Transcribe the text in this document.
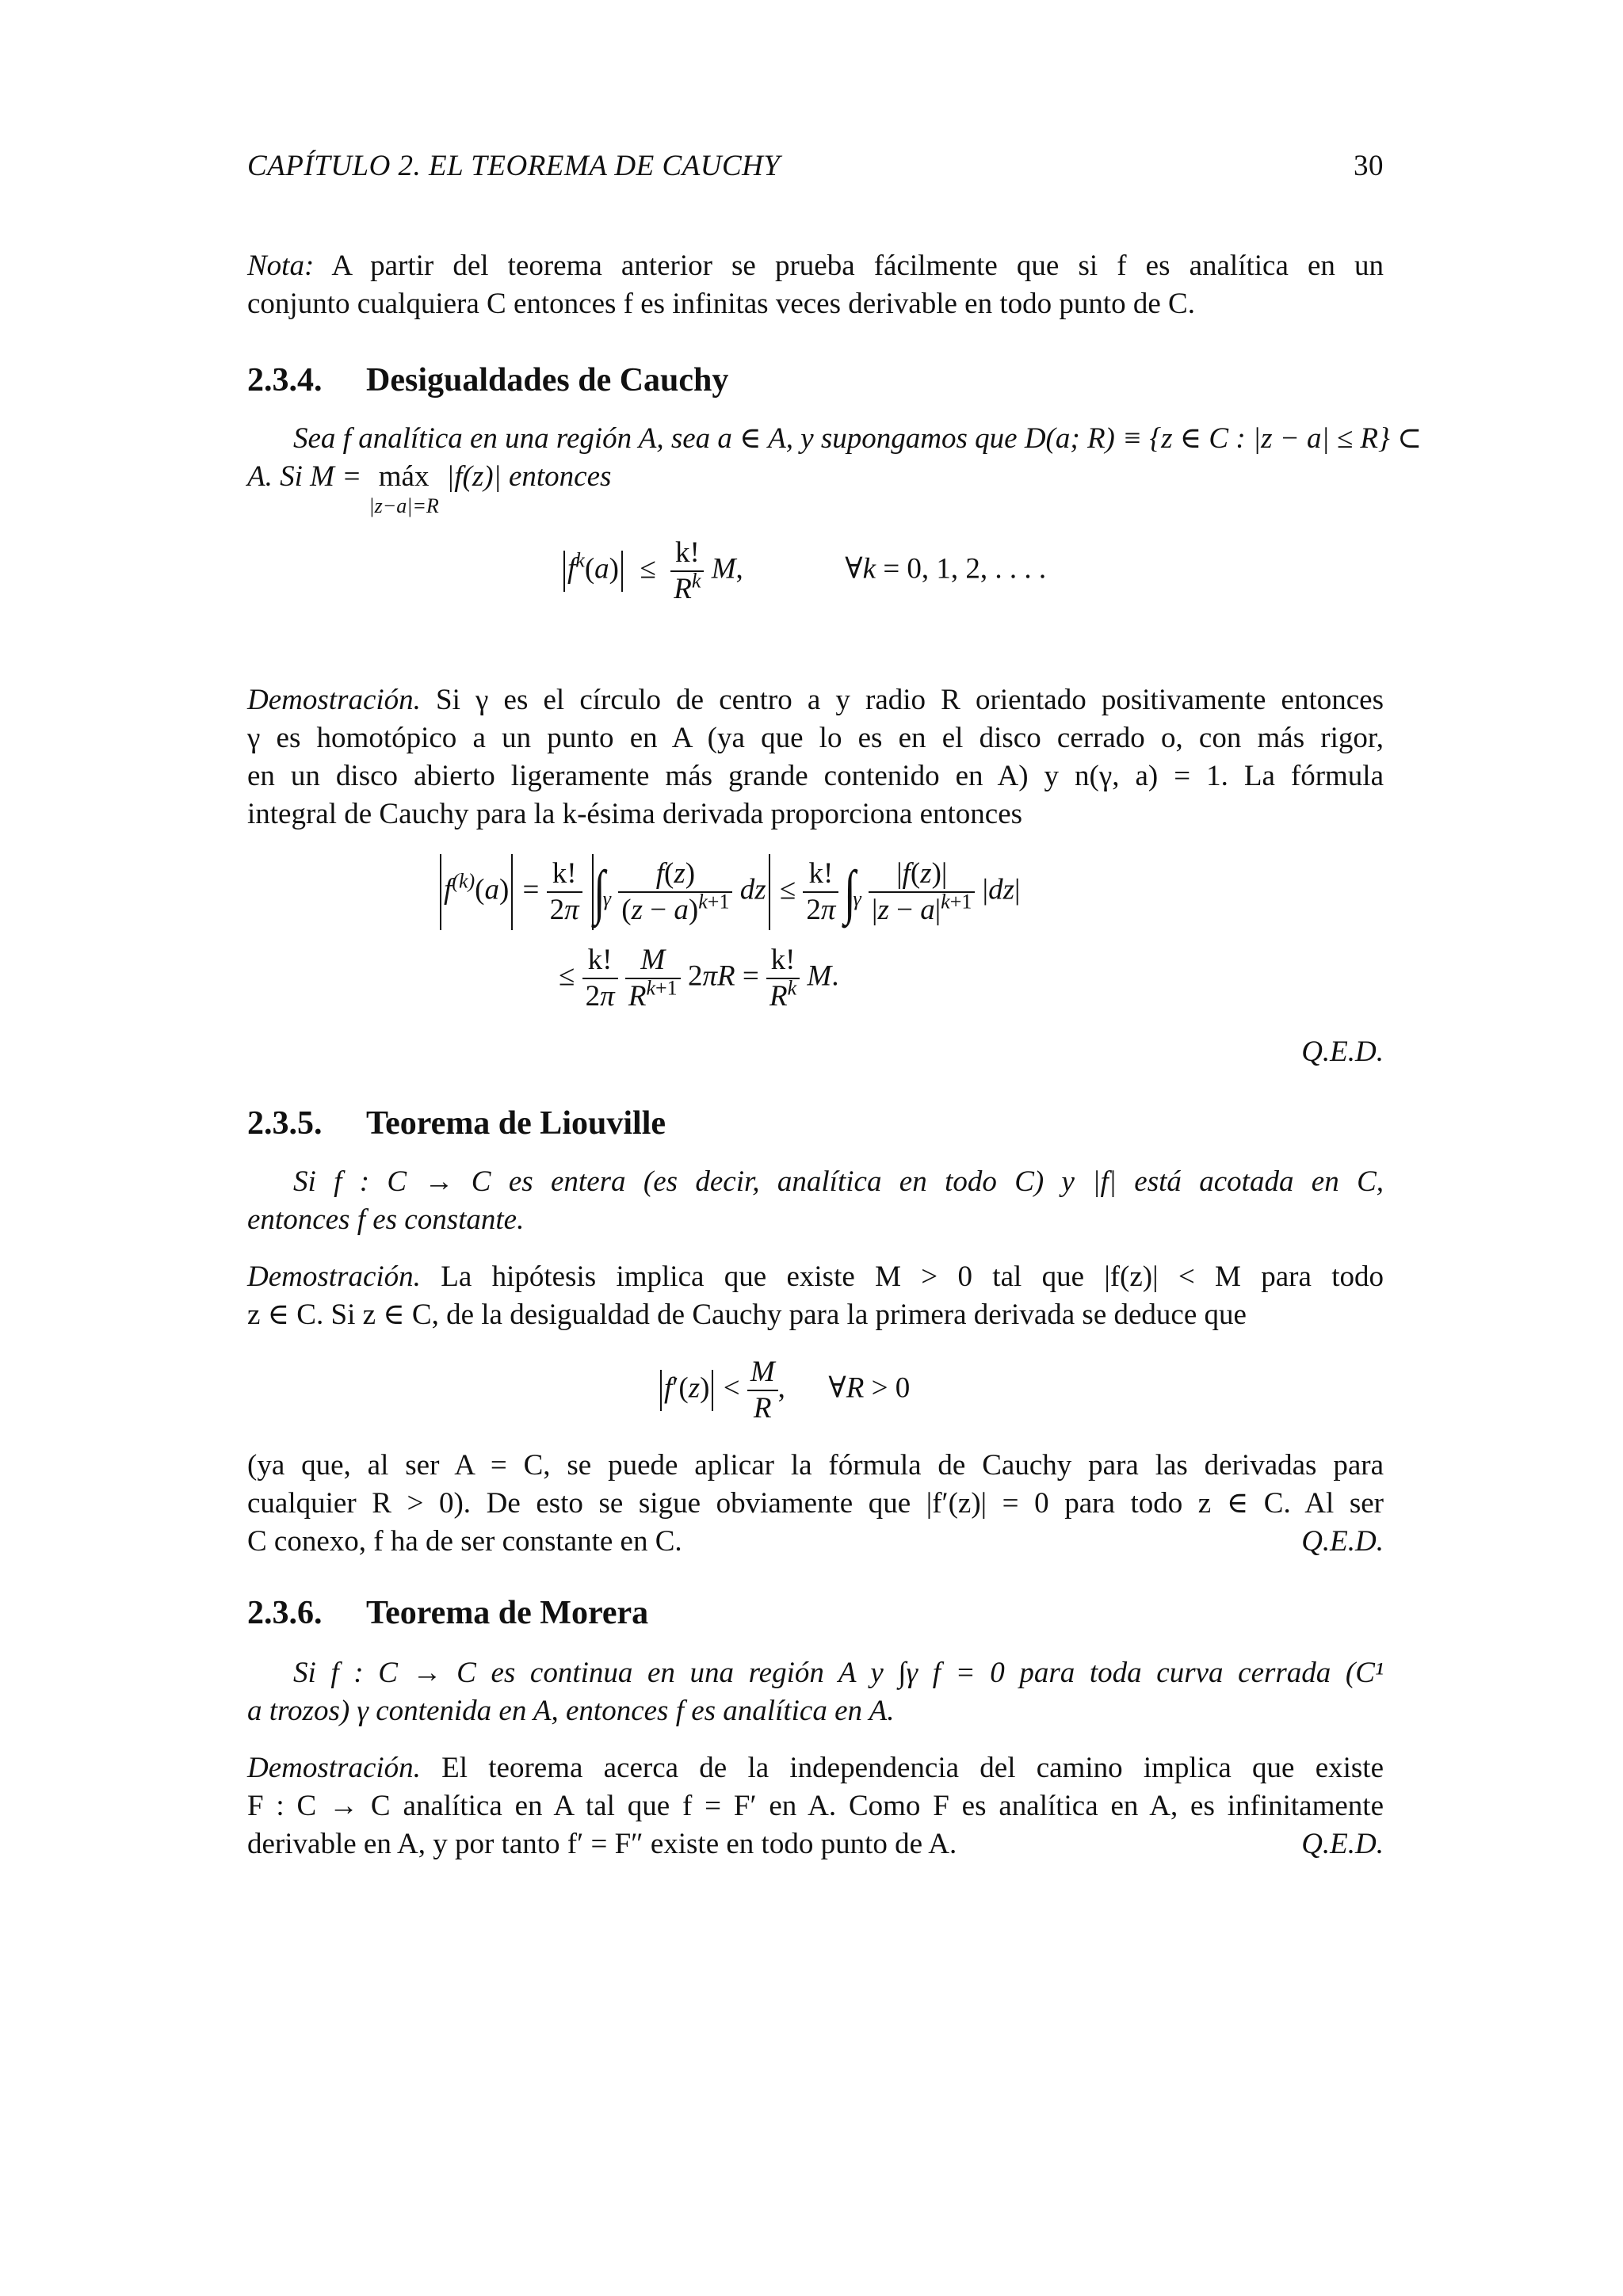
CAPÍTULO 2. EL TEOREMA DE CAUCHY	30
Nota: A partir del teorema anterior se prueba fácilmente que si f es analítica en un
conjunto cualquiera C entonces f es infinitas veces derivable en todo punto de C.
2.3.4. Desigualdades de Cauchy
Sea f analítica en una región A, sea a ∈ A, y supongamos que D(a; R) ≡ {z ∈ C : |z − a| ≤ R} ⊂
A. Si M = máx
|z−a|=R
|f(z)| entonces
$f^k(a) \le \frac{k!}{R^k} M$,	∀k = 0, 1, 2, . . . .
Demostración. Si γ es el círculo de centro a y radio R orientado positivamente entonces
γ es homotópico a un punto en A (ya que lo es en el disco cerrado o, con más rigor,
en un disco abierto ligeramente más grande contenido en A) y n(γ, a) = 1. La fórmula
integral de Cauchy para la k-ésima derivada proporciona entonces
$f^{(k)}(a) = \frac{k!}{2\pi} \int_\gamma \frac{f(z)}{(z - a)^{k+1}}$ dz ≤ $\frac{k!}{2\pi} \int_\gamma \frac{|f(z)|}{|z - a|^{k+1}} |dz|$
≤ $\frac{k!}{2\pi}$
$\frac{M}{R^{k+1}} 2\pi R = \frac{k!}{R^k} M$.
Q.E.D.
2.3.5. Teorema de Liouville
Si f : C → C es entera (es decir, analítica en todo C) y |f| está acotada en C,
entonces f es constante.
Demostración. La hipótesis implica que existe M > 0 tal que |f(z)| < M para todo
z ∈ C. Si z ∈ C, de la desigualdad de Cauchy para la primera derivada se deduce que
$f'(z) < \frac{M}{R}$ ,  ∀R > 0
(ya que, al ser A = C, se puede aplicar la fórmula de Cauchy para las derivadas para
cualquier R > 0). De esto se sigue obviamente que |f′(z)| = 0 para todo z ∈ C. Al ser
C conexo, f ha de ser constante en C.	Q.E.D.
2.3.6. Teorema de Morera
Si f : C → C es continua en una región A y ∫γ f = 0 para toda curva cerrada (C¹
a trozos) γ contenida en A, entonces f es analítica en A.
Demostración. El teorema acerca de la independencia del camino implica que existe
F : C → C analítica en A tal que f = F′ en A. Como F es analítica en A, es infinitamente
derivable en A, y por tanto f′ = F″ existe en todo punto de A.	Q.E.D.
